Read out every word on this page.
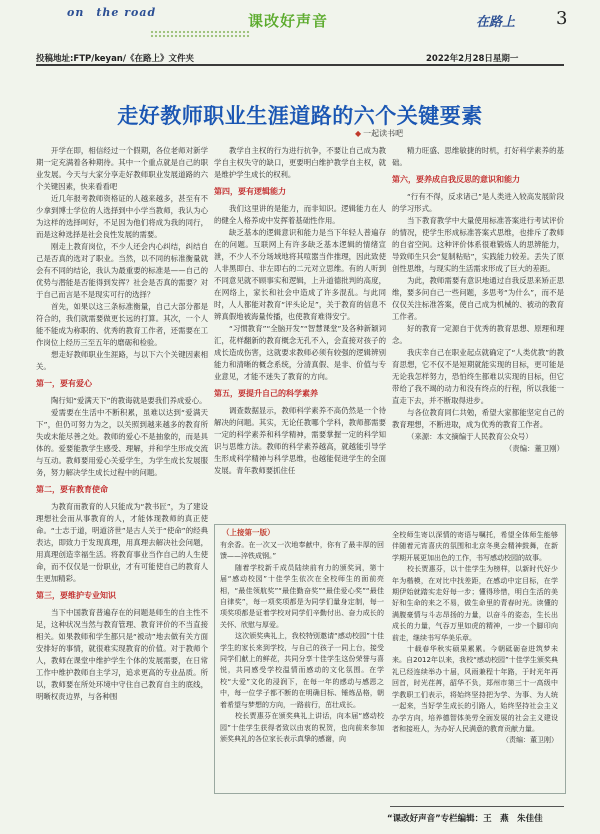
on the road	课改好声音	在路上 3
投稿地址:FTP/keyan/《在路上》文件夹	2022年2月28日星期一
走好教师职业生涯道路的六个关键要素
◆ 一起读书吧

开学在即，相信经过一个假期，各位老师对新学期一定充满着各种期待。其中一个重点就是自己的职业发展。今天与大家分享走好教师职业发展道路的六个关键因素，快来看看吧

近几年报考教师资格证的人越来越多，甚至有不少拿到博士学位的人选择到中小学当教师，我认为心为这样的选择呵好，不足因为他们将成为我的同行，而是这种选择是社会良性发展的需要。

刚走上教育岗位，不少人还会内心纠结，纠结自己是否真的选对了职业。当然，以不同的标准衡量就会有不同的结论，我认为最重要的标准是——自己的优势与潜能是否能得到发挥？社会是否真的需要？对于自己而言是不是现实可行的选择？

首先，如果以这三条标准衡量，自己大部分都是符合的，我们就需要做更长远的打算。其次，一个人能不能成为称职的、优秀的教育工作者，还需要在工作岗位上经历三至五年的磨砺和检验。

想走好教师职业生涯路，与以下六个关键因素相关。

第一，要有爱心

陶行知“爱满天下”的教诲就是要我们养成爱心。

爱需要在生活中不断积累，虽难以达到“爱满天下”，但仍可努力为之，以关照到越来越多的教育所失或未能尽善之处。教师的爱心不是抽象的，而是具体的。爱要能教学生感受、理解，并和学生形成交流与互动。教师要用爱心关爱学生，为学生成长发展服务，努力解决学生成长过程中的问题。

第二，要有教育使命

为教育而教育的人只能成为“教书匠”，为了建设理想社会而从事教育的人，才能体现教师的真正使命。“士志于道，明道济世”是古人关于“使命”的经典表达，即致力于发现真理，用真理去解决社会问题，用真理创造幸福生活。将教育事业当作自己的人生使命，而不仅仅是一份职业，才有可能使自己的教育人生更加精彩。

第三，要维护专业知识

当下中国教育普遍存在的问题是师生的自主性不足，这种状况当然与教育管理、教育评价的不当直接相关。如果教师和学生都只是“被动”地去做有关方面安排好的事情，就很难实现教育的价值。对于教师个人，教师在课堂中维护学生个体的发展需要，在日常工作中维护教师自主学习，追求更高的专业品质。所以，教师要在所处环境中守住自己教育自主的底线，明晰权责边界，与各种围

教学自主权的行为进行抗争，不要让自己成为教学自主权失守的缺口，更要明白维护教学自主权，就是维护学生成长的权利。

第四，要有逻辑能力

我们这里讲的是能力，而非知识。逻辑能力在人的健全人格养成中发挥着基础性作用。

缺乏基本的逻辑意识和能力是当下年轻人普遍存在的问题。互联网上有许多缺乏基本逻辑的情绪宣泄，不少人不分场域地将其喧嚣当作推理，因此致使人非黑即白、非左即右的二元对立思维。有的人听到不同意见就不顾事实和逻辑，上升道德批判的高度，在网络上，家长和社会中造成了许多混乱。与此同时，人人都能对教育“评头论足”，关于教育的信息不辨真假地被海量传播，也使教育难得安宁。

“习惯教育”“全脑开发”“智慧课堂”及各种新颖词汇，花样翻新的教育概念无孔不入，会直接对孩子的成长造成伤害，这就要求教师必须有较强的逻辑辨别能力和清晰的概念系统，分清真假、是非、价值与专业意见，才能不迷失了教育的方向。

第五，要提升自己的科学素养

调查数据显示，教师科学素养不高仍然是一个待解决的问题。其实，无论任教哪个学科，教师都需要一定的科学素养和科学精神，需要掌握一定的科学知识与思维方法。教师的科学素养越高，就越能引导学生形成科学精神与科学思维，也越能促进学生的全面发展。青年教师要抓住任

精力旺盛、思维敏捷的时机，打好科学素养的基础。

第六，要养成自我反思的意识和能力

“行有不得，反求诸己”是人类进入较高发展阶段的学习形式。

当下教育教学中大量使用标准答案进行考试评价的情况，使学生形成标准答案式思维，也排斥了教师的自省空间。这种评价体系很难锻炼人的思辨能力，导致师生只会“复制粘贴”，实践能力较差。丢失了原创性思维，与现实的生活需求形成了巨大的差距。

为此，教师需要有意识地通过自我反思来矫正思维，要多问自己一些问题，多思考“为什么”，而不是仅仅关注标准答案，使自己成为机械的、被动的教育工作者。

好的教育一定源自于优秀的教育思想、原理和理念。

我庆幸自己在职业起点就确定了“人类优教”的教育思想，它不仅不是短期就能实现的目标，更可能是无论我怎样努力，恐怕终生都难以实现的目标，但它带给了我不竭的动力和没有终点的行程，所以我能一直走下去，并不断取得进步。

与各位教育同仁共勉，希望大家都能坚定自己的教育理想，不断进取，成为优秀的教育工作者。

（来源：本文摘编于人民教育公众号）

（责编：董卫刚）

（上接第一版）

有余香。在一次又一次地奉献中，你有了最丰厚的回馈——淬铁成钢。”

随着学校新千成员陆续前有力的颁奖词，第十届“感动校园”十佳学生依次在全校师生的面前亮相，“最佳领航奖”“最佳勤奋奖”“最佳爱心奖”“最佳自律奖”，每一项奖项都是为同学们量身定制，每一项奖项都是证着学校对同学们辛勤付出、奋力成长的关怀、欣慰与厚爱。

这次颁奖典礼上，我校特别邀请“感动校园”十佳学生的家长来到学校，与自己的孩子一同上台，接受同学们献上的鲜花，共同分享十佳学生这份荣誉与喜悦，共同感受学校温情而感动的文化氛围。在学校“大爱”文化的浸润下，在每一年的感动与感恩之中，每一位学子都不断的在明确目标、锤炼品格，朝着希望与梦想的方向，一路前行，茁壮成长。

校长贾惠芬在颁奖典礼上讲话，向本届“感动校园”十佳学生获得者致以由衷的祝贺，也向前来参加颁奖典礼的各位家长表示真挚的感谢，向

全校师生寄以深情的寄语与嘱托，希望全体师生能够伴随着元宵喜庆的氛围和北京冬奥会精神鼓舞，在新学期开展更加出色的工作，书写感动校园的故事。

校长贾惠芬，以十佳学生为榜样，以新时代好少年为楷模，在对比中找差距，在感动中定目标，在学期伊始就踏实走好每一步；懂得珍惜，明白生活的美好和生命的来之不易，做生命里的青春时光。读懂的满腹豪情与斗志昂扬的力量，以奋斗的姿态，生长出成长的力量，气吞万里如虎的精神，一步一个脚印向前走，继续书写华美乐章。

十载春华秋实硕果累累。今朝砥砺奋进筑梦未来。自2012年以来，我校“感动校园”十佳学生颁奖典礼已经连续举办十届，风雨兼程十年路，于时光年再回首，时光荏苒，韶华不负，郑州市第三十一高级中学教职工们表示，将始终坚持把为学、为事、为人统一起来，当好学生成长的引路人，始终坚持社会主义办学方向，培养德智体美劳全面发展的社会主义建设者和接班人，为办好人民满意的教育贡献力量。

（责编：董卫刚）

“课改好声音”专栏编辑：王　燕　朱佳佳
